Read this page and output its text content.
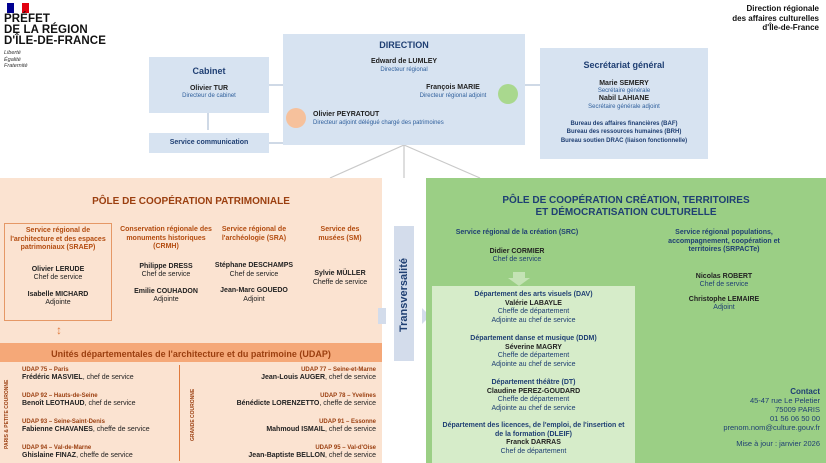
PRÉFET
DE LA RÉGION
D'ÎLE-DE-FRANCE
Liberté
Égalité
Fraternité
Direction régionale
des affaires culturelles
d'Île-de-France
Cabinet
Olivier TUR
Directeur de cabinet
Service communication
DIRECTION
Edward de LUMLEY
Directeur régional
François MARIE
Directeur régional adjoint
Olivier PEYRATOUT
Directeur adjoint délégué chargé des patrimoines
Secrétariat général
Marie SEMERY
Secrétaire générale
Nabil LAHIANE
Secrétaire générale adjoint
Bureau des affaires financières (BAF)
Bureau des ressources humaines (BRH)
Bureau soutien DRAC (liaison fonctionnelle)
PÔLE DE COOPÉRATION PATRIMONIALE
Service régional de l'architecture et des espaces patrimoniaux (SRAEP)
Olivier LERUDE
Chef de service
Isabelle MICHARD
Adjointe
Conservation régionale des monuments historiques (CRMH)
Philippe DRESS
Chef de service
Emilie COUHADON
Adjointe
Service régional de l'archéologie (SRA)
Stéphane DESCHAMPS
Chef de service
Jean-Marc GOUEDO
Adjoint
Service des musées (SM)
Sylvie MÜLLER
Cheffe de service
↕
Unités départementales de l'architecture et du patrimoine (UDAP)
PARIS & PETITE COURONNE	GRANDE COURONNE
UDAP 75 – Paris
Frédéric MASVIEL, chef de service
UDAP 92 – Hauts-de-Seine
Benoît LEOTHAUD, chef de service
UDAP 93 – Seine-Saint-Denis
Fabienne CHAVANES, cheffe de service
UDAP 94 – Val-de-Marne
Ghislaine FINAZ, cheffe de service
UDAP 77 – Seine-et-Marne
Jean-Louis AUGER, chef de service
UDAP 78 – Yvelines
Bénédicte LORENZETTO, cheffe de service
UDAP 91 – Essonne
Mahmoud ISMAIL, chef de service
UDAP 95 – Val-d'Oise
Jean-Baptiste BELLON, chef de service
Transversalité
PÔLE DE COOPÉRATION CRÉATION, TERRITOIRES
ET DÉMOCRATISATION CULTURELLE
Service régional de la création (SRC)
Didier CORMIER
Chef de service
Département des arts visuels (DAV)
Valérie LABAYLE
Cheffe de département
Adjointe au chef de service
Département danse et musique (DDM)
Séverine MAGRY
Cheffe de département
Adjointe au chef de service
Département théâtre (DT)
Claudine PEREZ-GOUDARD
Cheffe de département
Adjointe au chef de service
Département des licences, de l'emploi, de l'insertion et de la formation (DLEIF)
Franck DARRAS
Chef de département
Service régional populations, accompagnement, coopération et territoires (SRPACTe)
Nicolas ROBERT
Chef de service
Christophe LEMAIRE
Adjoint
Contact
45-47 rue Le Peletier
75009 PARIS
01 56 06 50 00
prenom.nom@culture.gouv.fr
Mise à jour : janvier 2026
